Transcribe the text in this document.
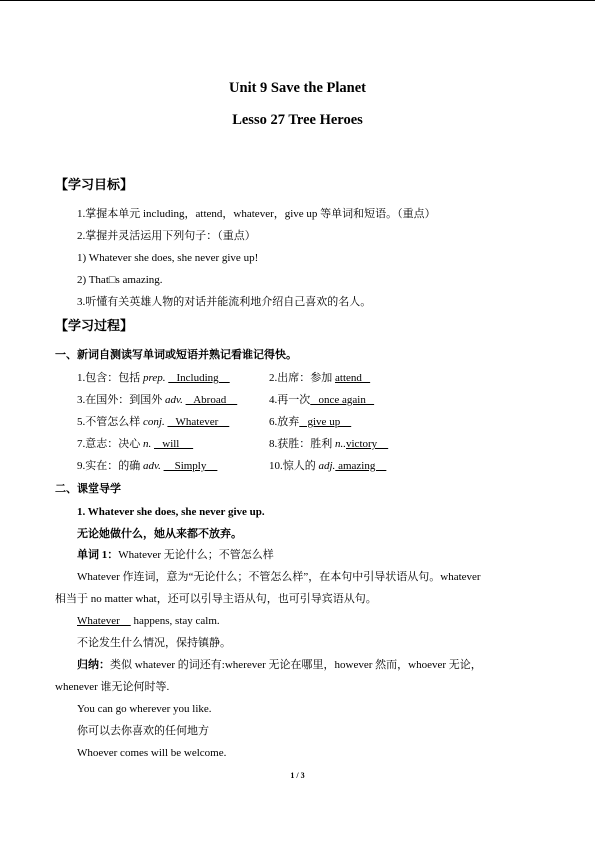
Unit 9 Save the Planet
Lesso 27 Tree Heroes
【学习目标】
1.掌握本单元 including，attend，whatever，give up 等单词和短语。（重点）
2.掌握并灵活运用下列句子：（重点）
1) Whatever she does, she never give up!
2) That□s amazing.
3.听懂有关英雄人物的对话并能流利地介绍自己喜欢的名人。
【学习过程】
一、新词自测读写单词或短语并熟记看谁记得快。
1.包含：包括 prep.    Including	2.出席：参加 attend
3.在国外：到国外 adv.    Abroad	4.再一次   once again
5.不管怎么样 conj.    Whatever	6.放弃   give up
7.意志：决心 n.    will	8.获胜：胜利 n..victory
9.实在：的确 adv.     Simply	10.惊人的 adj. amazing
二、课堂导学
1. Whatever she does, she never give up.
无论她做什么，她从来都不放弃。
单词 1：Whatever 无论什么；不管怎么样
Whatever 作连词，意为“无论什么；不管怎么样”，在本句中引导状语从句。whatever
相当于 no matter what，还可以引导主语从句，也可引导宾语从句。
Whatever     happens, stay calm.
不论发生什么情况，保持镇静。
归纳：类似 whatever 的词还有:wherever 无论在哪里，however 然而，whoever 无论，
whenever 谁无论何时等.
You can go wherever you like.
你可以去你喜欢的任何地方
Whoever comes will be welcome.
1 / 3
